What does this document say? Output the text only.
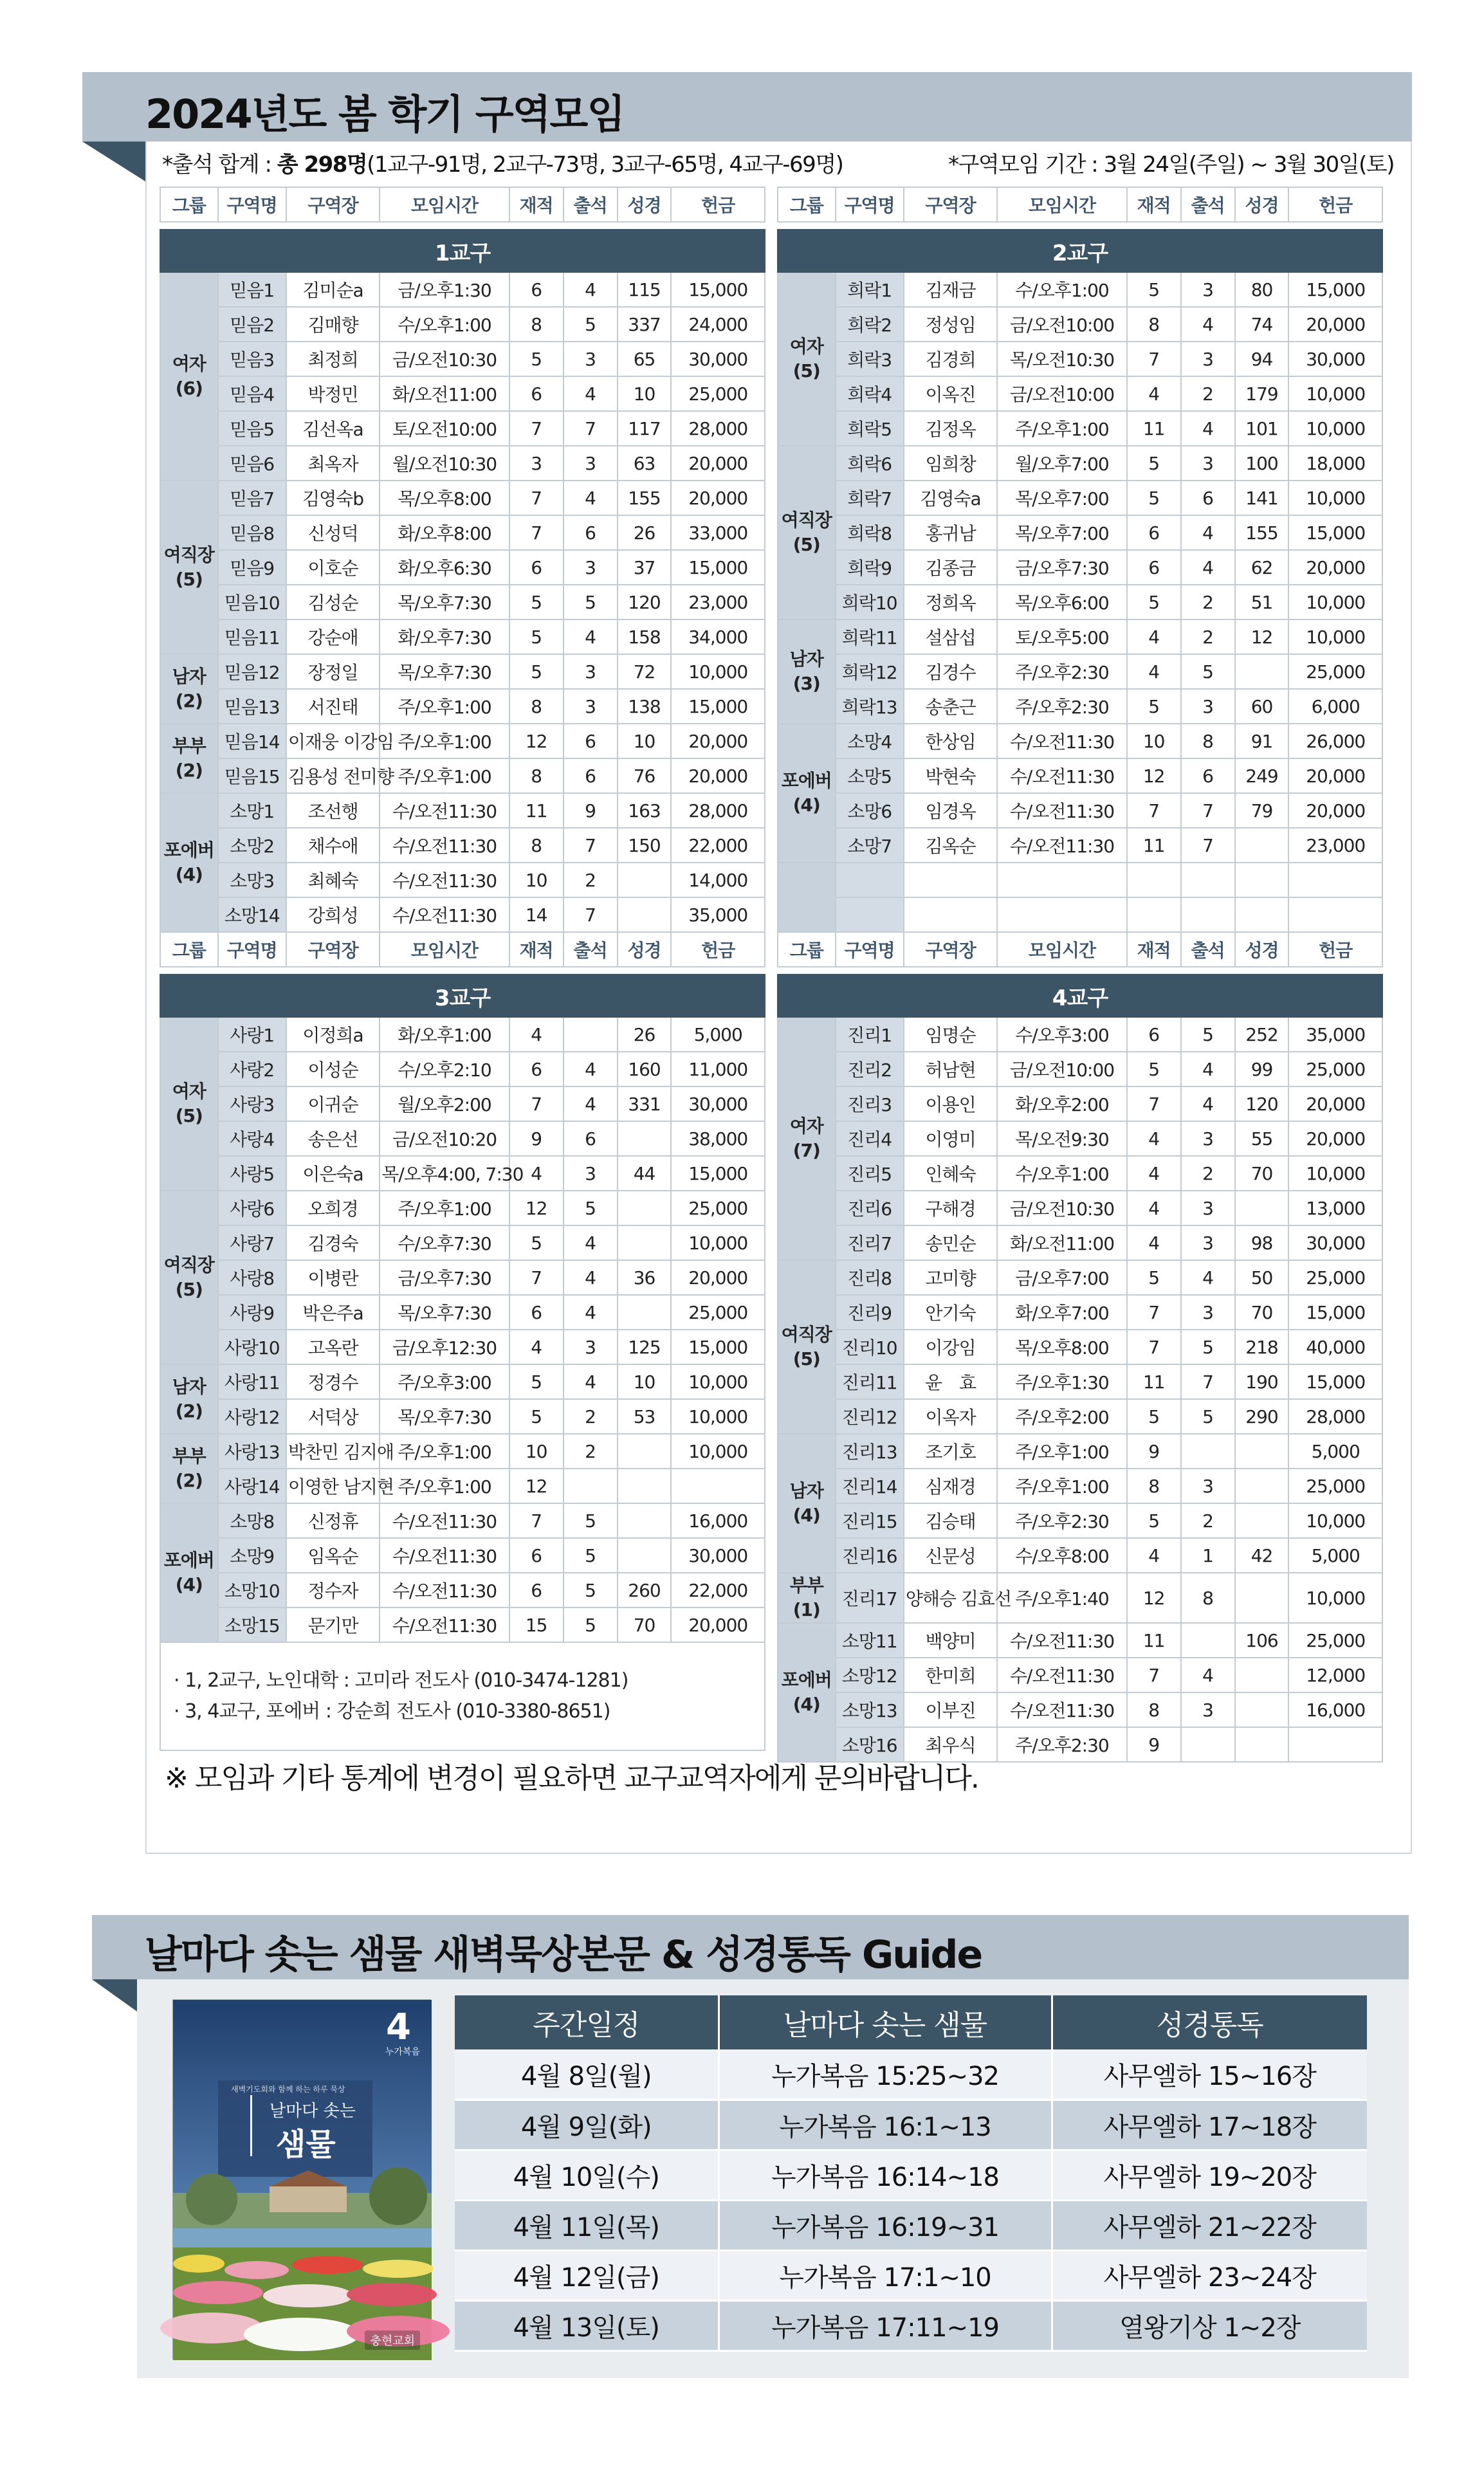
2024년도 봄 학기 구역모임
*출석 합계 : 총 298명(1교구-91명, 2교구-73명, 3교구-65명, 4교구-69명)	*구역모임 기간 : 3월 24일(주일) ~ 3월 30일(토)
그룹	구역명	구역장	모임시간	재적	출석	성경	헌금

1교구							
여자
(6)	믿음1	김미순a	금/오후1:30	6	4	115	15,000
	믿음2	김매향	수/오후1:00	8	5	337	24,000
	믿음3	최정희	금/오전10:30	5	3	65	30,000
	믿음4	박정민	화/오전11:00	6	4	10	25,000
	믿음5	김선옥a	토/오전10:00	7	7	117	28,000
	믿음6	최옥자	월/오전10:30	3	3	63	20,000
여직장
(5)	믿음7	김영숙b	목/오후8:00	7	4	155	20,000
	믿음8	신성덕	화/오후8:00	7	6	26	33,000
	믿음9	이호순	화/오후6:30	6	3	37	15,000
	믿음10	김성순	목/오후7:30	5	5	120	23,000
	믿음11	강순애	화/오후7:30	5	4	158	34,000
남자
(2)	믿음12	장정일	목/오후7:30	5	3	72	10,000
	믿음13	서진태	주/오후1:00	8	3	138	15,000
부부
(2)	믿음14	이재웅 이강임	주/오후1:00	12	6	10	20,000
	믿음15	김용성 전미향	주/오후1:00	8	6	76	20,000
포에버
(4)	소망1	조선행	수/오전11:30	11	9	163	28,000
	소망2	채수애	수/오전11:30	8	7	150	22,000
	소망3	최혜숙	수/오전11:30	10	2		14,000
	소망14	강희성	수/오전11:30	14	7		35,000
그룹	구역명	구역장	모임시간	재적	출석	성경	헌금

2교구							
여자
(5)	희락1	김재금	수/오후1:00	5	3	80	15,000
	희락2	정성임	금/오전10:00	8	4	74	20,000
	희락3	김경희	목/오전10:30	7	3	94	30,000
	희락4	이옥진	금/오전10:00	4	2	179	10,000
	희락5	김정옥	주/오후1:00	11	4	101	10,000
여직장
(5)	희락6	임희창	월/오후7:00	5	3	100	18,000
	희락7	김영숙a	목/오후7:00	5	6	141	10,000
	희락8	홍귀남	목/오후7:00	6	4	155	15,000
	희락9	김종금	금/오후7:30	6	4	62	20,000
	희락10	정희옥	목/오후6:00	5	2	51	10,000
남자
(3)	희락11	설삼섭	토/오후5:00	4	2	12	10,000
	희락12	김경수	주/오후2:30	4	5		25,000
	희락13	송춘근	주/오후2:30	5	3	60	6,000
포에버
(4)	소망4	한상임	수/오전11:30	10	8	91	26,000
	소망5	박현숙	수/오전11:30	12	6	249	20,000
	소망6	임경옥	수/오전11:30	7	7	79	20,000
	소망7	김옥순	수/오전11:30	11	7		23,000

그룹	구역명	구역장	모임시간	재적	출석	성경	헌금

3교구							
여자
(5)	사랑1	이정희a	화/오후1:00	4		26	5,000
	사랑2	이성순	수/오후2:10	6	4	160	11,000
	사랑3	이귀순	월/오후2:00	7	4	331	30,000
	사랑4	송은선	금/오전10:20	9	6		38,000
	사랑5	이은숙a	목/오후4:00, 7:30	4	3	44	15,000
여직장
(5)	사랑6	오희경	주/오후1:00	12	5		25,000
	사랑7	김경숙	수/오후7:30	5	4		10,000
	사랑8	이병란	금/오후7:30	7	4	36	20,000
	사랑9	박은주a	목/오후7:30	6	4		25,000
	사랑10	고옥란	금/오후12:30	4	3	125	15,000
남자
(2)	사랑11	정경수	주/오후3:00	5	4	10	10,000
	사랑12	서덕상	목/오후7:30	5	2	53	10,000
부부
(2)	사랑13	박찬민 김지애	주/오후1:00	10	2		10,000
	사랑14	이영한 남지현	주/오후1:00	12			
포에버
(4)	소망8	신정휴	수/오전11:30	7	5		16,000
	소망9	임옥순	수/오전11:30	6	5		30,000
	소망10	정수자	수/오전11:30	6	5	260	22,000
	소망15	문기만	수/오전11:30	15	5	70	20,000

· 1, 2교구, 노인대학 : 고미라 전도사 (010-3474-1281)
· 3, 4교구, 포에버 : 강순희 전도사 (010-3380-8651)							
그룹	구역명	구역장	모임시간	재적	출석	성경	헌금

4교구							
여자
(7)	진리1	임명순	수/오후3:00	6	5	252	35,000
	진리2	허남현	금/오전10:00	5	4	99	25,000
	진리3	이용인	화/오후2:00	7	4	120	20,000
	진리4	이영미	목/오전9:30	4	3	55	20,000
	진리5	인혜숙	수/오후1:00	4	2	70	10,000
	진리6	구해경	금/오전10:30	4	3		13,000
	진리7	송민순	화/오전11:00	4	3	98	30,000
여직장
(5)	진리8	고미향	금/오후7:00	5	4	50	25,000
	진리9	안기숙	화/오후7:00	7	3	70	15,000
	진리10	이강임	목/오후8:00	7	5	218	40,000
	진리11	윤　효	주/오후1:30	11	7	190	15,000
	진리12	이옥자	주/오후2:00	5	5	290	28,000
남자
(4)	진리13	조기호	주/오후1:00	9			5,000
	진리14	심재경	주/오후1:00	8	3		25,000
	진리15	김승태	주/오후2:30	5	2		10,000
	진리16	신문성	수/오후8:00	4	1	42	5,000
부부(1)	진리17	양해승 김효선	주/오후1:40	12	8		10,000
포에버
(4)	소망11	백양미	수/오전11:30	11		106	25,000
	소망12	한미희	수/오전11:30	7	4		12,000
	소망13	이부진	수/오전11:30	8	3		16,000
	소망16	최우식	주/오후2:30	9			
※ 모임과 기타 통계에 변경이 필요하면 교구교역자에게 문의바랍니다.
날마다 솟는 샘물 새벽묵상본문 & 성경통독 Guide
4
누가복음
새벽기도회와 함께 하는 하루 묵상
날마다 솟는
샘물
충현교회
주간일정	날마다 솟는 샘물	성경통독
4월 8일(월)	누가복음 15:25~32	사무엘하 15~16장
4월 9일(화)	누가복음 16:1~13	사무엘하 17~18장
4월 10일(수)	누가복음 16:14~18	사무엘하 19~20장
4월 11일(목)	누가복음 16:19~31	사무엘하 21~22장
4월 12일(금)	누가복음 17:1~10	사무엘하 23~24장
4월 13일(토)	누가복음 17:11~19	열왕기상 1~2장
